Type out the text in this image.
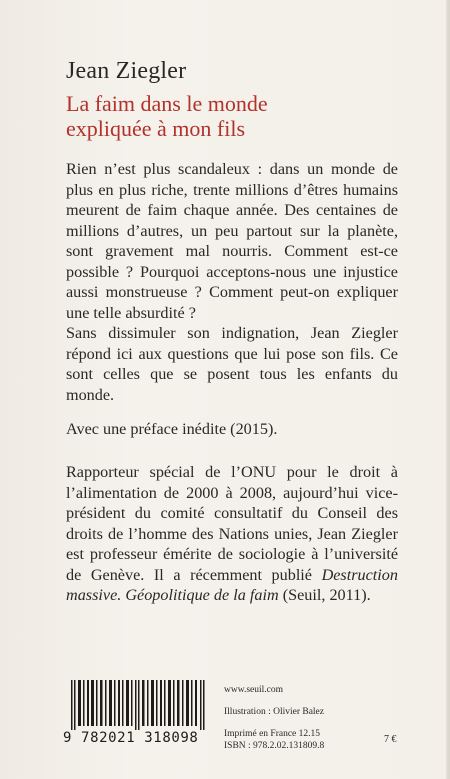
Jean Ziegler
La faim dans le monde
expliquée à mon fils

Rien n’est plus scandaleux : dans un monde de plus en plus riche, trente millions d’êtres humains meurent de faim chaque année. Des centaines de millions d’autres, un peu partout sur la planète, sont gravement mal nourris. Comment est-ce possible ? Pourquoi acceptons-nous une injustice aussi monstrueuse ? Comment peut-on expliquer une telle absurdité ?

Sans dissimuler son indignation, Jean Ziegler répond ici aux questions que lui pose son fils. Ce sont celles que se posent tous les enfants du monde.

Avec une préface inédite (2015).

Rapporteur spécial de l’ONU pour le droit à l’alimentation de 2000 à 2008, aujourd’hui vice-président du comité consultatif du Conseil des droits de l’homme des Nations unies, Jean Ziegler est professeur émérite de sociologie à l’université de Genève. Il a récemment publié Destruction massive. Géopolitique de la faim (Seuil, 2011).

9 782021 318098
www.seuil.com
Illustration : Olivier Balez
Imprimé en France 12.15
ISBN : 978.2.02.131809.8
7 €
